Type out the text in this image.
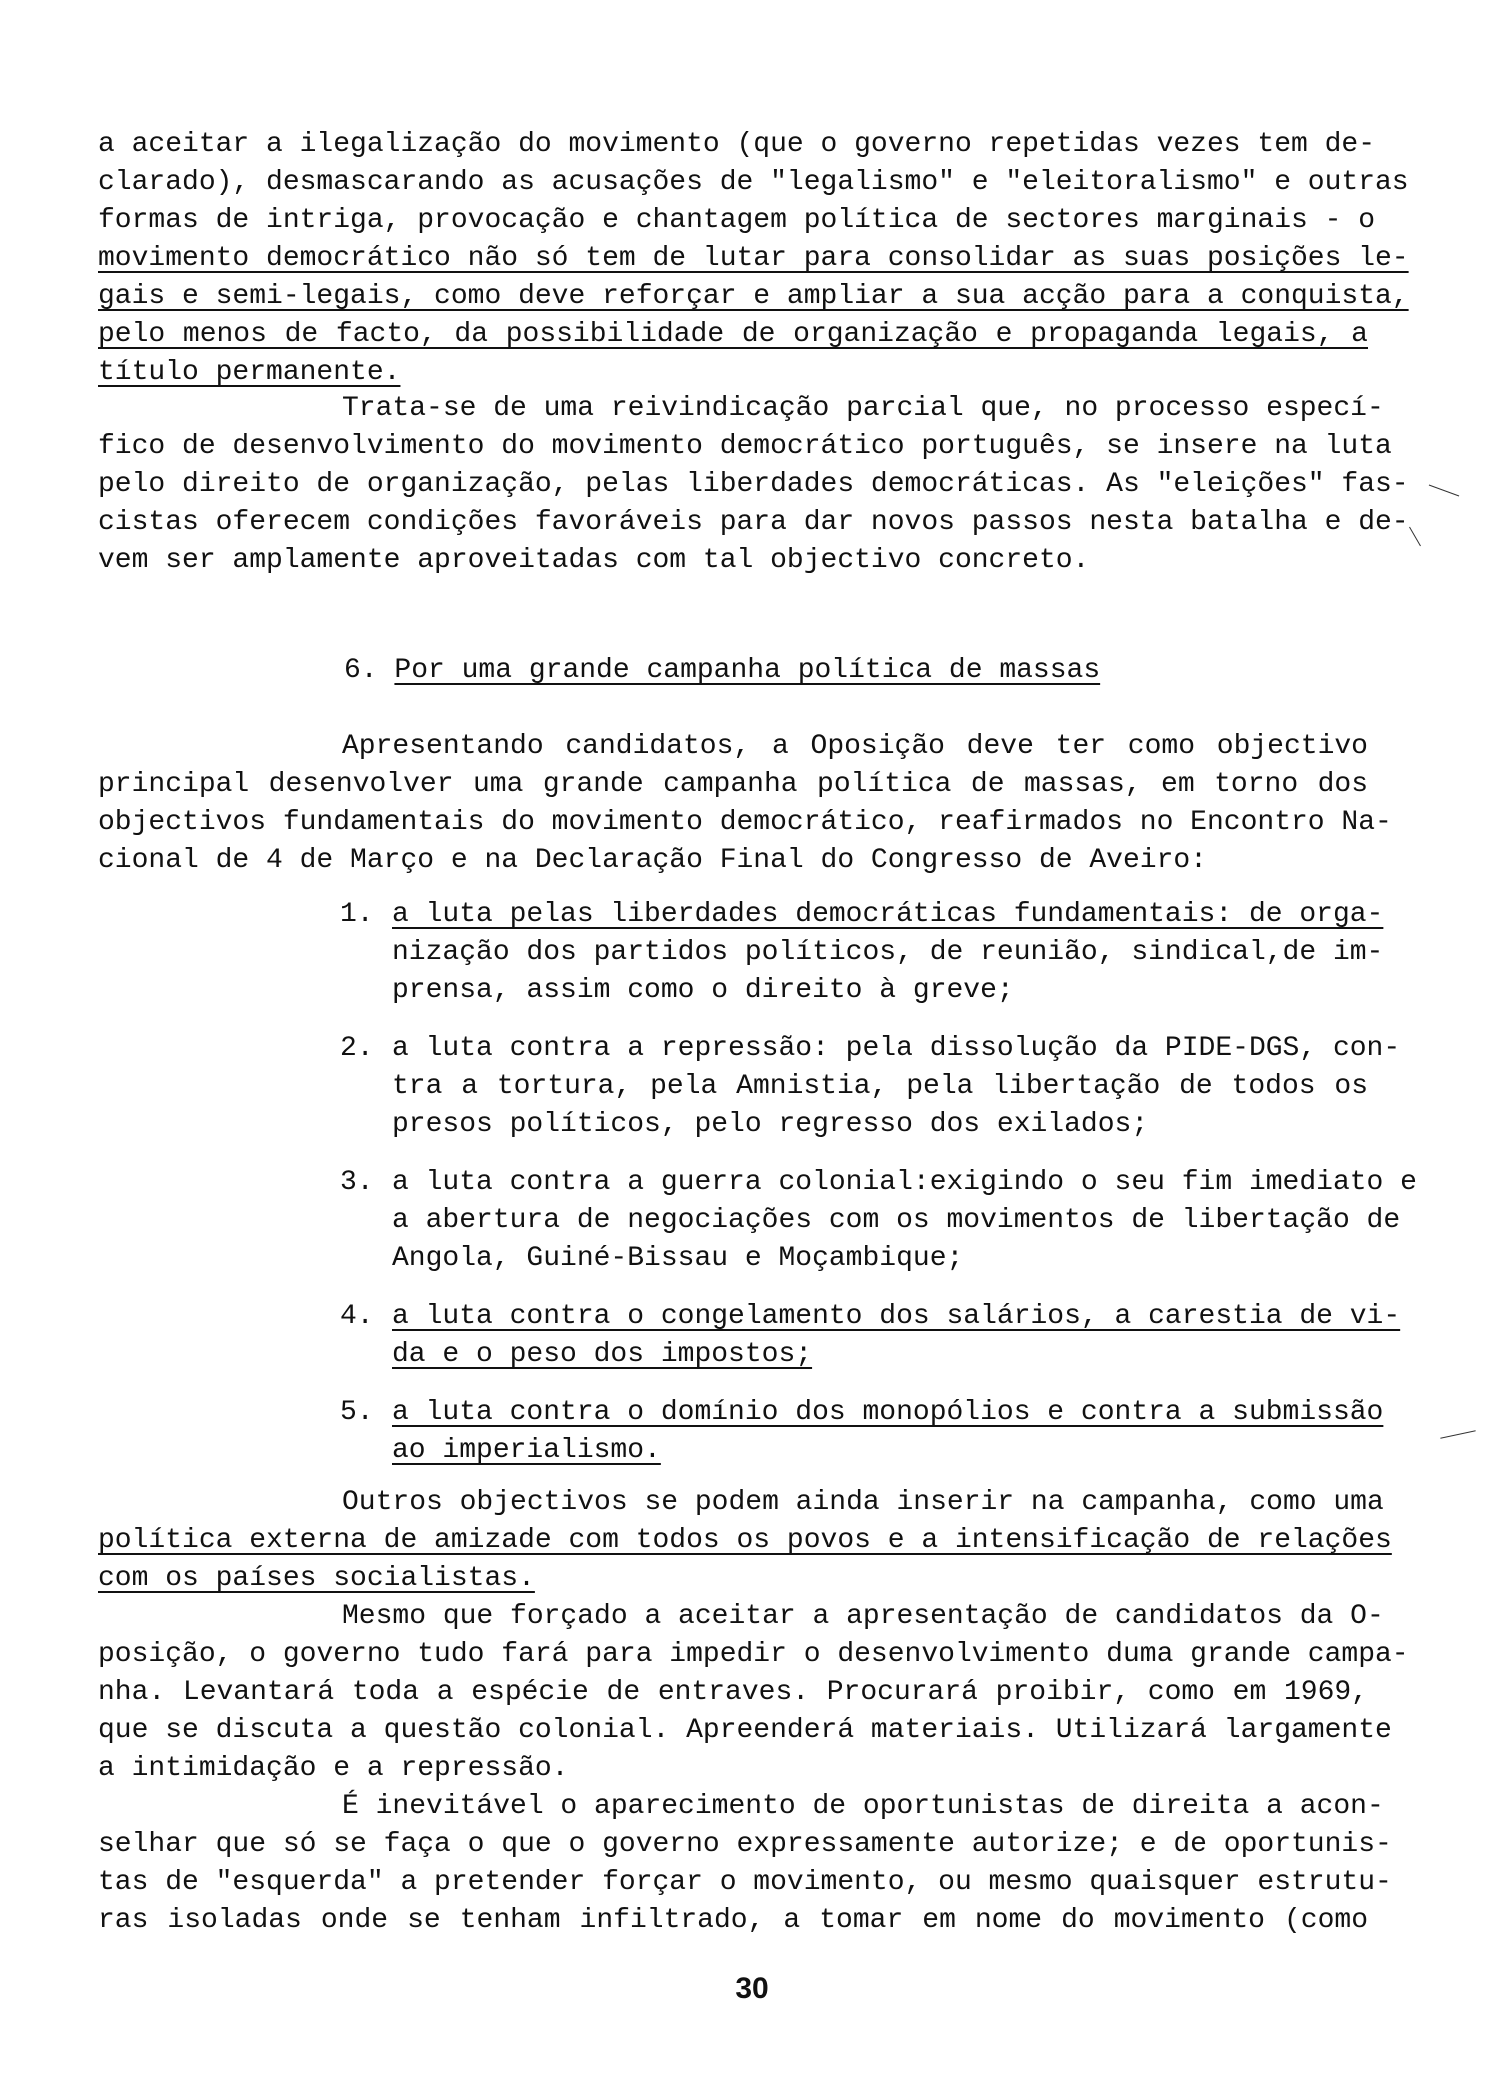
a aceitar a ilegalização do movimento (que o governo repetidas vezes tem de-
clarado), desmascarando as acusações de "legalismo" e "eleitoralismo" e outras
formas de intriga, provocação e chantagem política de sectores marginais - o
movimento democrático não só tem de lutar para consolidar as suas posições le-
gais e semi-legais, como deve reforçar e ampliar a sua acção para a conquista,
pelo menos de facto, da possibilidade de organização e propaganda legais, a
título permanente.
Trata-se de uma reivindicação parcial que, no processo especí-
fico de desenvolvimento do movimento democrático português, se insere na luta
pelo direito de organização, pelas liberdades democráticas. As "eleições" fas-
cistas oferecem condições favoráveis para dar novos passos nesta batalha e de-
vem ser amplamente aproveitadas com tal objectivo concreto.
6. Por uma grande campanha política de massas
Apresentando candidatos, a Oposição deve ter como objectivo
principal desenvolver uma grande campanha política de massas, em torno dos
objectivos fundamentais do movimento democrático, reafirmados no Encontro Na-
cional de 4 de Março e na Declaração Final do Congresso de Aveiro:
1. a luta pelas liberdades democráticas fundamentais: de orga-
nização dos partidos políticos, de reunião, sindical,de im-
prensa, assim como o direito à greve;
2. a luta contra a repressão: pela dissolução da PIDE-DGS, con-
tra a tortura, pela Amnistia, pela libertação de todos os
presos políticos, pelo regresso dos exilados;
3. a luta contra a guerra colonial:exigindo o seu fim imediato e
a abertura de negociações com os movimentos de libertação de
Angola, Guiné-Bissau e Moçambique;
4. a luta contra o congelamento dos salários, a carestia de vi-
da e o peso dos impostos;
5. a luta contra o domínio dos monopólios e contra a submissão
ao imperialismo.
Outros objectivos se podem ainda inserir na campanha, como uma
política externa de amizade com todos os povos e a intensificação de relações
com os países socialistas.
Mesmo que forçado a aceitar a apresentação de candidatos da O-
posição, o governo tudo fará para impedir o desenvolvimento duma grande campa-
nha. Levantará toda a espécie de entraves. Procurará proibir, como em 1969,
que se discuta a questão colonial. Apreenderá materiais. Utilizará largamente
a intimidação e a repressão.
É inevitável o aparecimento de oportunistas de direita a acon-
selhar que só se faça o que o governo expressamente autorize; e de oportunis-
tas de "esquerda" a pretender forçar o movimento, ou mesmo quaisquer estrutu-
ras isoladas onde se tenham infiltrado, a tomar em nome do movimento (como
30
